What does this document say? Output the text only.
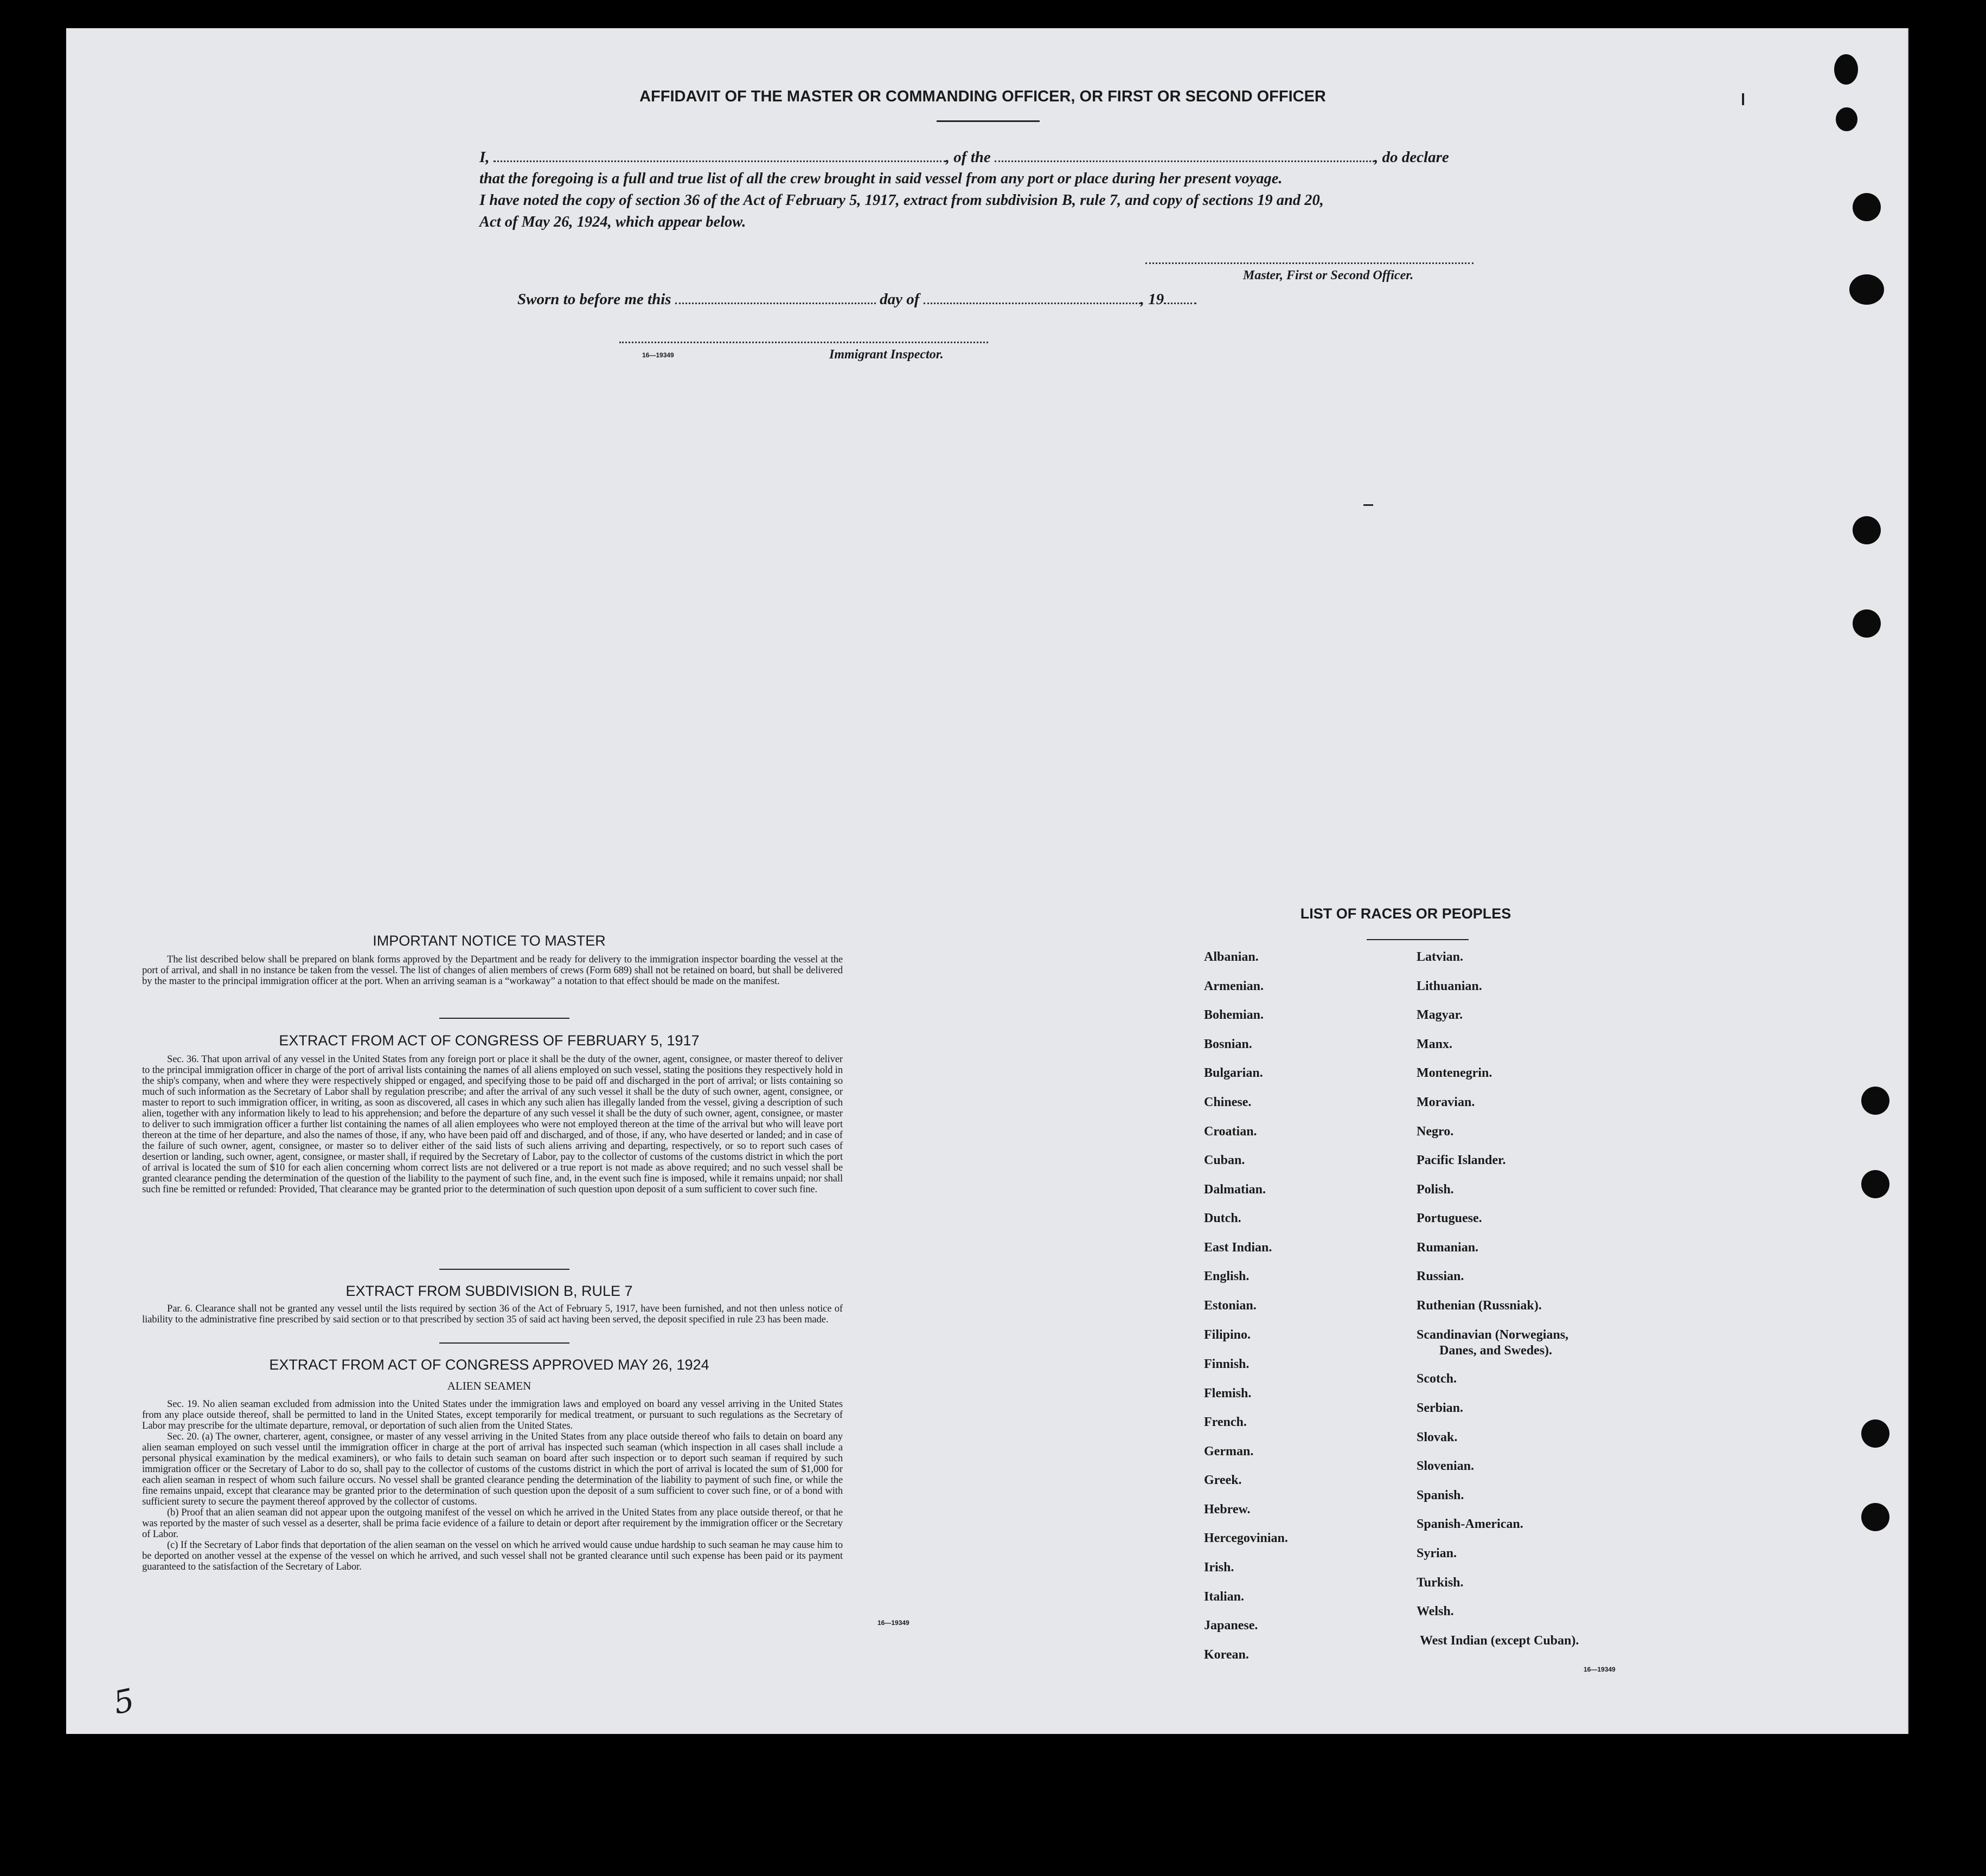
AFFIDAVIT OF THE MASTER OR COMMANDING OFFICER, OR FIRST OR SECOND OFFICER
I,	, of the	, do declare
that the foregoing is a full and true list of all the crew brought in said vessel from any port or place during her present voyage.
I have noted the copy of section 36 of the Act of February 5, 1917, extract from subdivision B, rule 7, and copy of sections 19 and 20,
Act of May 26, 1924, which appear below.
Master, First or Second Officer.
Sworn to before me this	day of	, 19
16—19349	Immigrant Inspector.
IMPORTANT NOTICE TO MASTER
The list described below shall be prepared on blank forms approved by the Department and be ready for delivery to the immigration inspector boarding the vessel at the port of arrival, and shall in no instance be taken from the vessel. The list of changes of alien members of crews (Form 689) shall not be retained on board, but shall be delivered by the master to the principal immigration officer at the port. When an arriving seaman is a “workaway” a notation to that effect should be made on the manifest.
EXTRACT FROM ACT OF CONGRESS OF FEBRUARY 5, 1917
Sec. 36. That upon arrival of any vessel in the United States from any foreign port or place it shall be the duty of the owner, agent, consignee, or master thereof to deliver to the principal immigration officer in charge of the port of arrival lists containing the names of all aliens employed on such vessel, stating the positions they respectively hold in the ship's company, when and where they were respectively shipped or engaged, and specifying those to be paid off and discharged in the port of arrival; or lists containing so much of such information as the Secretary of Labor shall by regulation prescribe; and after the arrival of any such vessel it shall be the duty of such owner, agent, consignee, or master to report to such immigration officer, in writing, as soon as discovered, all cases in which any such alien has illegally landed from the vessel, giving a description of such alien, together with any information likely to lead to his apprehension; and before the departure of any such vessel it shall be the duty of such owner, agent, consignee, or master to deliver to such immigration officer a further list containing the names of all alien employees who were not employed thereon at the time of the arrival but who will leave port thereon at the time of her departure, and also the names of those, if any, who have been paid off and discharged, and of those, if any, who have deserted or landed; and in case of the failure of such owner, agent, consignee, or master so to deliver either of the said lists of such aliens arriving and departing, respectively, or so to report such cases of desertion or landing, such owner, agent, consignee, or master shall, if required by the Secretary of Labor, pay to the collector of customs of the customs district in which the port of arrival is located the sum of $10 for each alien concerning whom correct lists are not delivered or a true report is not made as above required; and no such vessel shall be granted clearance pending the determination of the question of the liability to the payment of such fine, and, in the event such fine is imposed, while it remains unpaid; nor shall such fine be remitted or refunded: Provided, That clearance may be granted prior to the determination of such question upon deposit of a sum sufficient to cover such fine.
EXTRACT FROM SUBDIVISION B, RULE 7
Par. 6. Clearance shall not be granted any vessel until the lists required by section 36 of the Act of February 5, 1917, have been furnished, and not then unless notice of liability to the administrative fine prescribed by said section or to that prescribed by section 35 of said act having been served, the deposit specified in rule 23 has been made.
EXTRACT FROM ACT OF CONGRESS APPROVED MAY 26, 1924
ALIEN SEAMEN

Sec. 19. No alien seaman excluded from admission into the United States under the immigration laws and employed on board any vessel arriving in the United States from any place outside thereof, shall be permitted to land in the United States, except temporarily for medical treatment, or pursuant to such regulations as the Secretary of Labor may prescribe for the ultimate departure, removal, or deportation of such alien from the United States.

Sec. 20. (a) The owner, charterer, agent, consignee, or master of any vessel arriving in the United States from any place outside thereof who fails to detain on board any alien seaman employed on such vessel until the immigration officer in charge at the port of arrival has inspected such seaman (which inspection in all cases shall include a personal physical examination by the medical examiners), or who fails to detain such seaman on board after such inspection or to deport such seaman if required by such immigration officer or the Secretary of Labor to do so, shall pay to the collector of customs of the customs district in which the port of arrival is located the sum of $1,000 for each alien seaman in respect of whom such failure occurs. No vessel shall be granted clearance pending the determination of the liability to payment of such fine, or while the fine remains unpaid, except that clearance may be granted prior to the determination of such question upon the deposit of a sum sufficient to cover such fine, or of a bond with sufficient surety to secure the payment thereof approved by the collector of customs.

(b) Proof that an alien seaman did not appear upon the outgoing manifest of the vessel on which he arrived in the United States from any place outside thereof, or that he was reported by the master of such vessel as a deserter, shall be prima facie evidence of a failure to detain or deport after requirement by the immigration officer or the Secretary of Labor.

(c) If the Secretary of Labor finds that deportation of the alien seaman on the vessel on which he arrived would cause undue hardship to such seaman he may cause him to be deported on another vessel at the expense of the vessel on which he arrived, and such vessel shall not be granted clearance until such expense has been paid or its payment guaranteed to the satisfaction of the Secretary of Labor.

16—19349
LIST OF RACES OR PEOPLES
Albanian.
Armenian.
Bohemian.
Bosnian.
Bulgarian.
Chinese.
Croatian.
Cuban.
Dalmatian.
Dutch.
East Indian.
English.
Estonian.
Filipino.
Finnish.
Flemish.
French.
German.
Greek.
Hebrew.
Hercegovinian.
Irish.
Italian.
Japanese.
Korean.
Latvian.
Lithuanian.
Magyar.
Manx.
Montenegrin.
Moravian.
Negro.
Pacific Islander.
Polish.
Portuguese.
Rumanian.
Russian.
Ruthenian (Russniak).
Scandinavian (Norwegians,
Danes, and Swedes).
Scotch.
Serbian.
Slovak.
Slovenian.
Spanish.
Spanish-American.
Syrian.
Turkish.
Welsh.
West Indian (except Cuban).
16—19349
5
